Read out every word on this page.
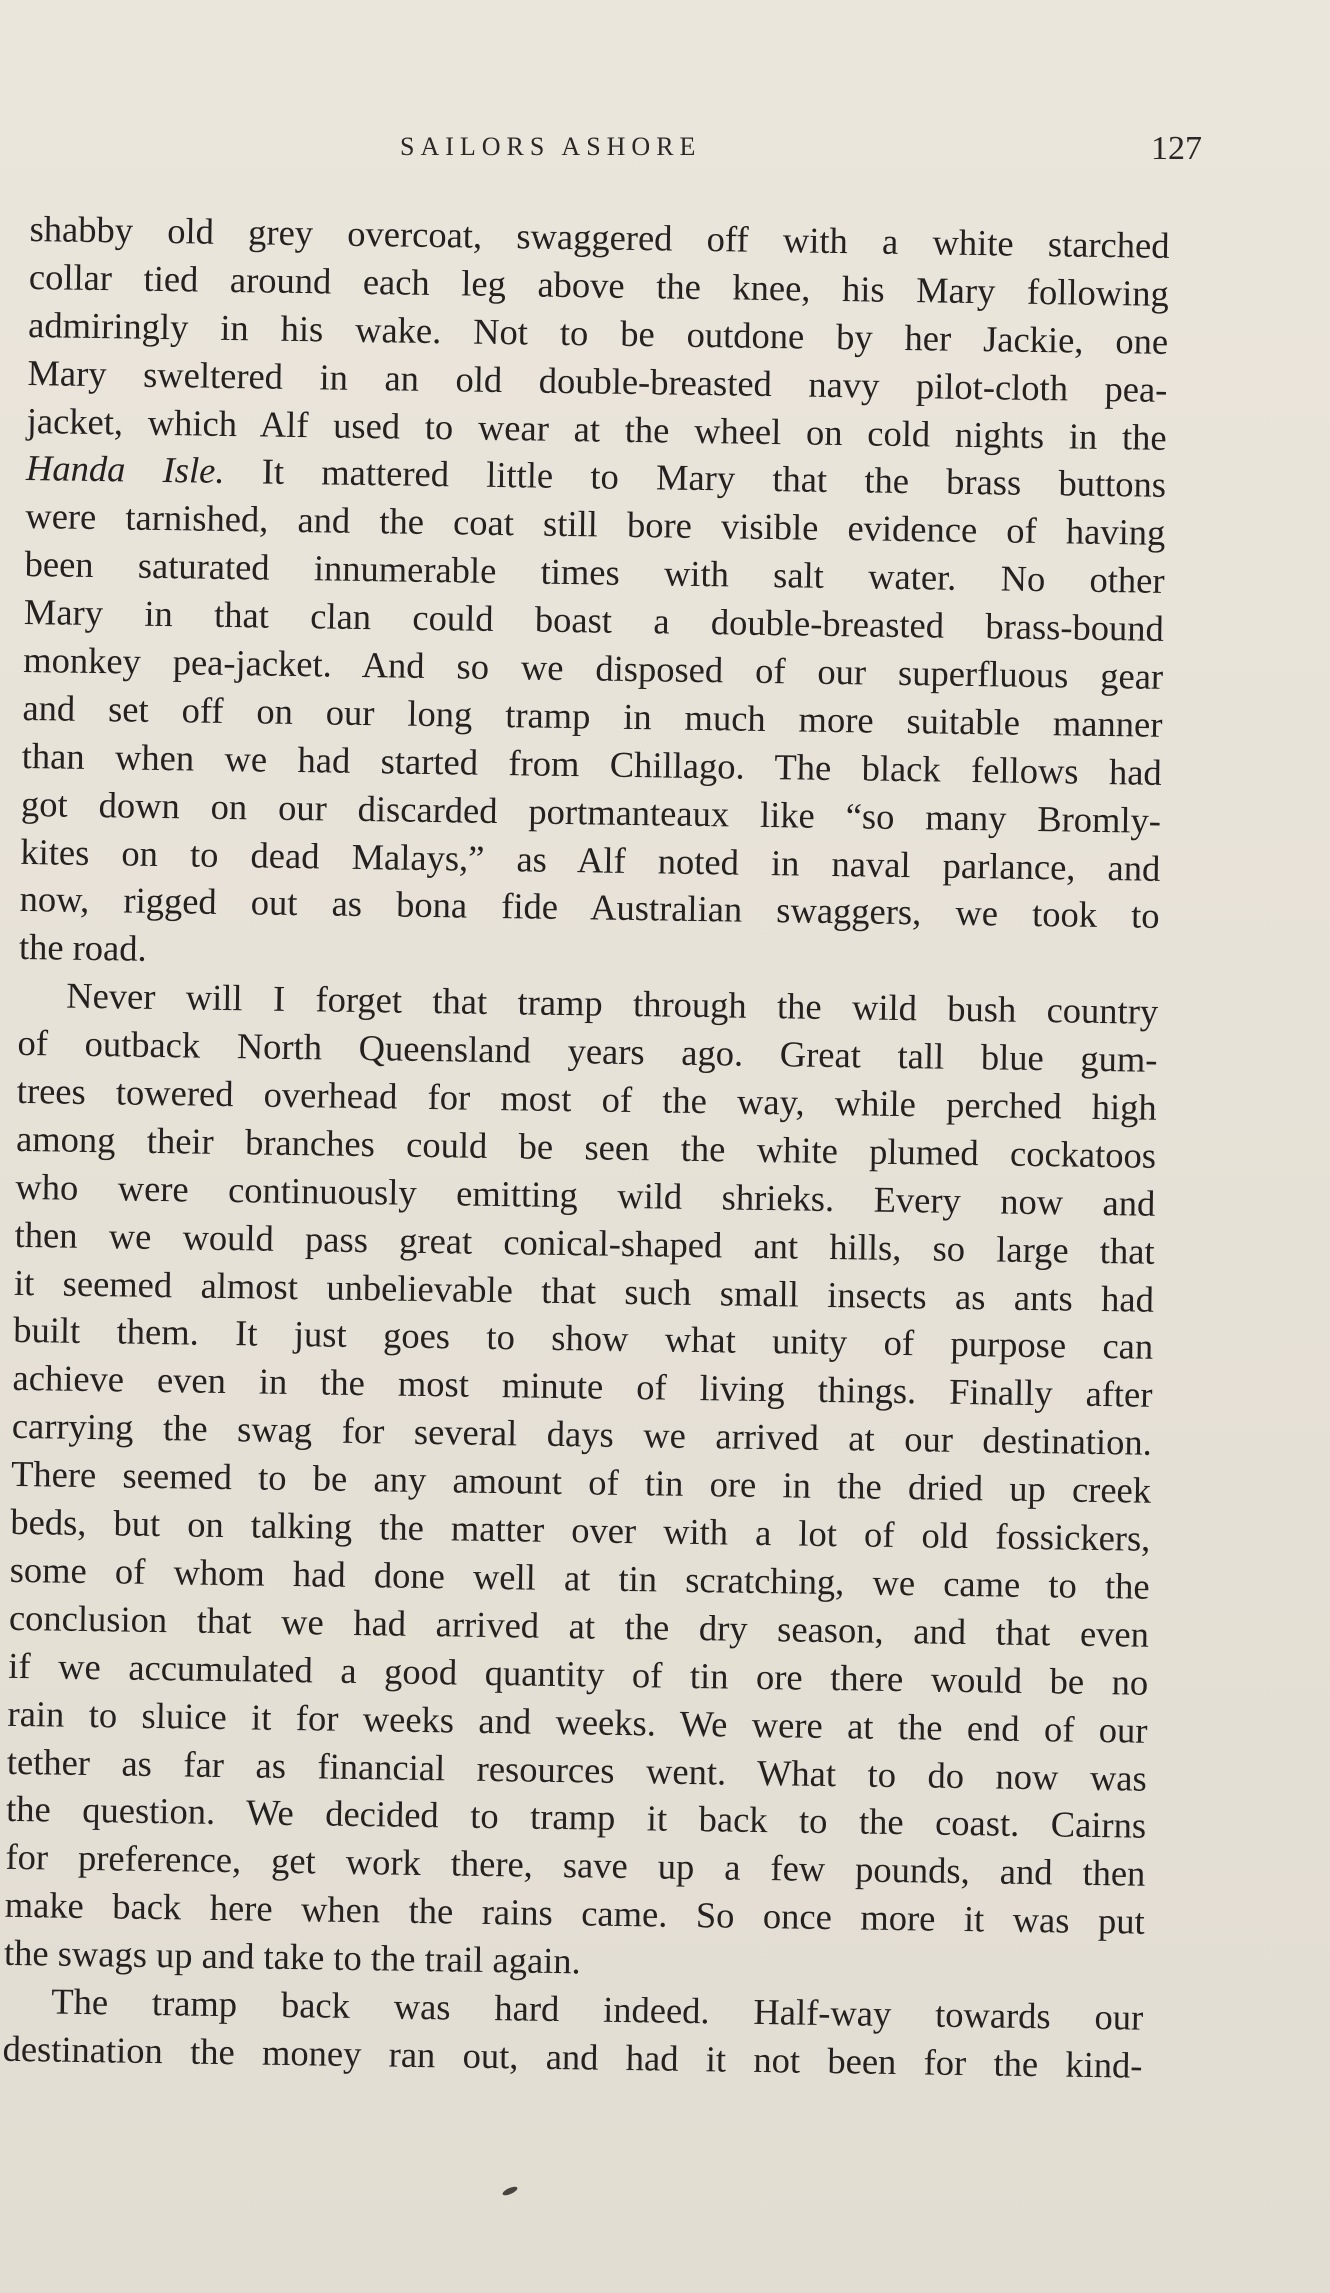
SAILORS ASHORE	127
shabby old grey overcoat, swaggered off with a white starched
collar tied around each leg above the knee, his Mary following
admiringly in his wake. Not to be outdone by her Jackie, one
Mary sweltered in an old double-breasted navy pilot-cloth pea-
jacket, which Alf used to wear at the wheel on cold nights in the
Handa Isle. It mattered little to Mary that the brass buttons
were tarnished, and the coat still bore visible evidence of having
been saturated innumerable times with salt water. No other
Mary in that clan could boast a double-breasted brass-bound
monkey pea-jacket. And so we disposed of our superfluous gear
and set off on our long tramp in much more suitable manner
than when we had started from Chillago. The black fellows had
got down on our discarded portmanteaux like “so many Bromly-
kites on to dead Malays,” as Alf noted in naval parlance, and
now, rigged out as bona fide Australian swaggers, we took to
the road.
Never will I forget that tramp through the wild bush country
of outback North Queensland years ago. Great tall blue gum-
trees towered overhead for most of the way, while perched high
among their branches could be seen the white plumed cockatoos
who were continuously emitting wild shrieks. Every now and
then we would pass great conical-shaped ant hills, so large that
it seemed almost unbelievable that such small insects as ants had
built them. It just goes to show what unity of purpose can
achieve even in the most minute of living things. Finally after
carrying the swag for several days we arrived at our destination.
There seemed to be any amount of tin ore in the dried up creek
beds, but on talking the matter over with a lot of old fossickers,
some of whom had done well at tin scratching, we came to the
conclusion that we had arrived at the dry season, and that even
if we accumulated a good quantity of tin ore there would be no
rain to sluice it for weeks and weeks. We were at the end of our
tether as far as financial resources went. What to do now was
the question. We decided to tramp it back to the coast. Cairns
for preference, get work there, save up a few pounds, and then
make back here when the rains came. So once more it was put
the swags up and take to the trail again.
The tramp back was hard indeed. Half-way towards our
destination the money ran out, and had it not been for the kind-
